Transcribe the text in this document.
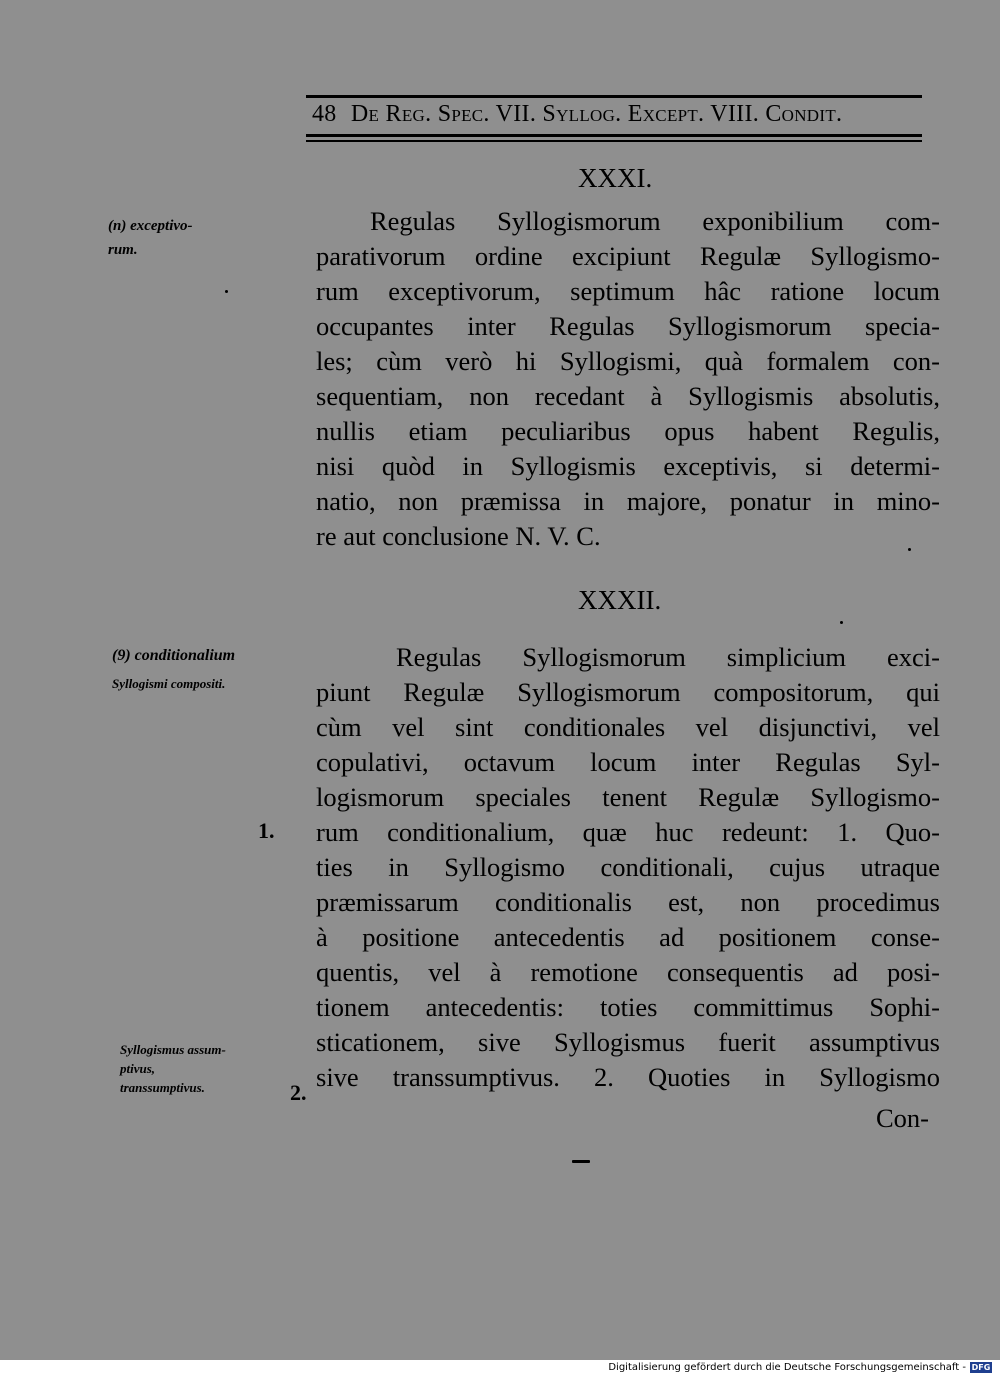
48 De Reg. Spec. VII. Syllog. Except. VIII. Condit.
XXXI.
(n) exceptivo-
rum.
Regulas Syllogismorum exponibilium com-
parativorum ordine excipiunt Regulæ Syllogismo-
rum exceptivorum, septimum hâc ratione locum
occupantes inter Regulas Syllogismorum specia-
les; cùm verò hi Syllogismi, quà formalem con-
sequentiam, non recedant à Syllogismis absolutis,
nullis etiam peculiaribus opus habent Regulis,
nisi quòd in Syllogismis exceptivis, si determi-
natio, non præmissa in majore, ponatur in mino-
re aut conclusione N. V. C.
XXXII.
(9) conditionalium
Syllogismi compositi.
1.
Syllogismus assum-
ptivus,
transsumptivus.	2.
Regulas Syllogismorum simplicium exci-
piunt Regulæ Syllogismorum compositorum, qui
cùm vel sint conditionales vel disjunctivi, vel
copulativi, octavum locum inter Regulas Syl-
logismorum speciales tenent Regulæ Syllogismo-
rum conditionalium, quæ huc redeunt: 1. Quo-
ties in Syllogismo conditionali, cujus utraque
præmissarum conditionalis est, non procedimus
à positione antecedentis ad positionem conse-
quentis, vel à remotione consequentis ad posi-
tionem antecedentis: toties committimus Sophi-
sticationem, sive Syllogismus fuerit assumptivus
sive transsumptivus. 2. Quoties in Syllogismo
Con-
Digitalisierung gefördert durch die Deutsche Forschungsgemeinschaft - DFG
